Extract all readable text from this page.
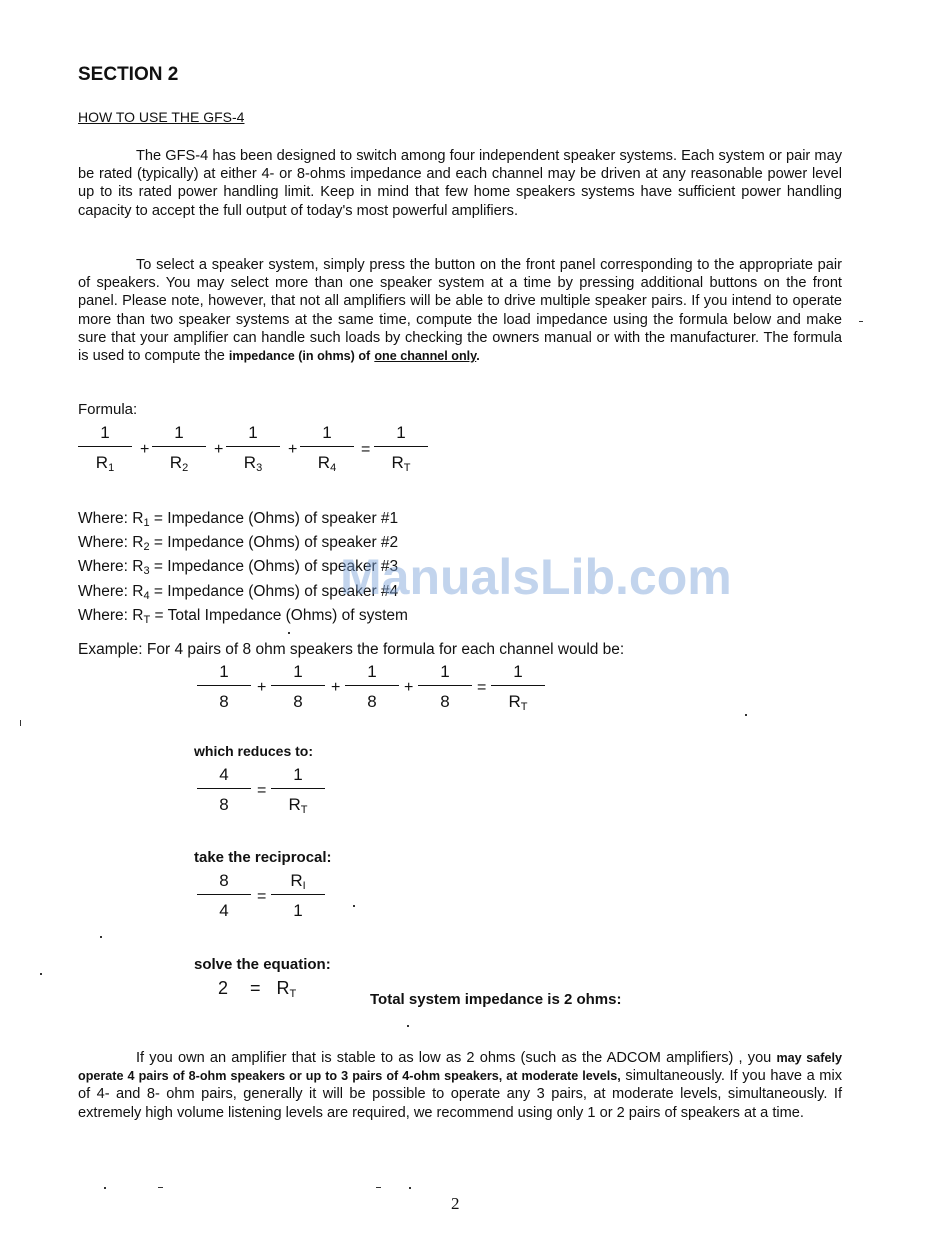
SECTION 2
HOW TO USE THE GFS-4

The GFS-4 has been designed to switch among four independent speaker systems. Each system or pair may be rated (typically) at either 4- or 8-ohms impedance and each channel may be driven at any reasonable power level up to its rated power handling limit. Keep in mind that few home speakers systems have sufficient power handling capacity to accept the full output of today's most powerful amplifiers.

To select a speaker system, simply press the button on the front panel corresponding to the appropriate pair of speakers. You may select more than one speaker system at a time by pressing additional buttons on the front panel. Please note, however, that not all amplifiers will be able to drive multiple speaker pairs. If you intend to operate more than two speaker systems at the same time, compute the load impedance using the formula below and make sure that your amplifier can handle such loads by checking the owners manual or with the manufacturer. The formula is used to compute the impedance (in ohms) of one channel only.

Formula:
1
$R_1$
+
1
$R_2$
+
1
$R_3$
+
1
$R_4$
=
1
$R_T$
Where: $R_1$ = Impedance (Ohms) of speaker #1
Where: $R_2$ = Impedance (Ohms) of speaker #2
Where: $R_3$ = Impedance (Ohms) of speaker #3
Where: $R_4$ = Impedance (Ohms) of speaker #4
Where: $R_T$ = Total Impedance (Ohms) of system
ManualsLib.com
Example: For 4 pairs of 8 ohm speakers the formula for each channel would be:
1
8
+
1
8
+
1
8
+
1
8
=
1
$R_T$
which reduces to:
4
8
=
1
$R_T$
take the reciprocal:
8
4
=
$R_I$
1
solve the equation:
$2 = R_T$	Total system impedance is 2 ohms:

If you own an amplifier that is stable to as low as 2 ohms (such as the ADCOM amplifiers) , you may safely operate 4 pairs of 8-ohm speakers or up to 3 pairs of 4-ohm speakers, at moderate levels, simultaneously. If you have a mix of 4- and 8- ohm pairs, generally it will be possible to operate any 3 pairs, at moderate levels, simultaneously. If extremely high volume listening levels are required, we recommend using only 1 or 2 pairs of speakers at a time.

2
